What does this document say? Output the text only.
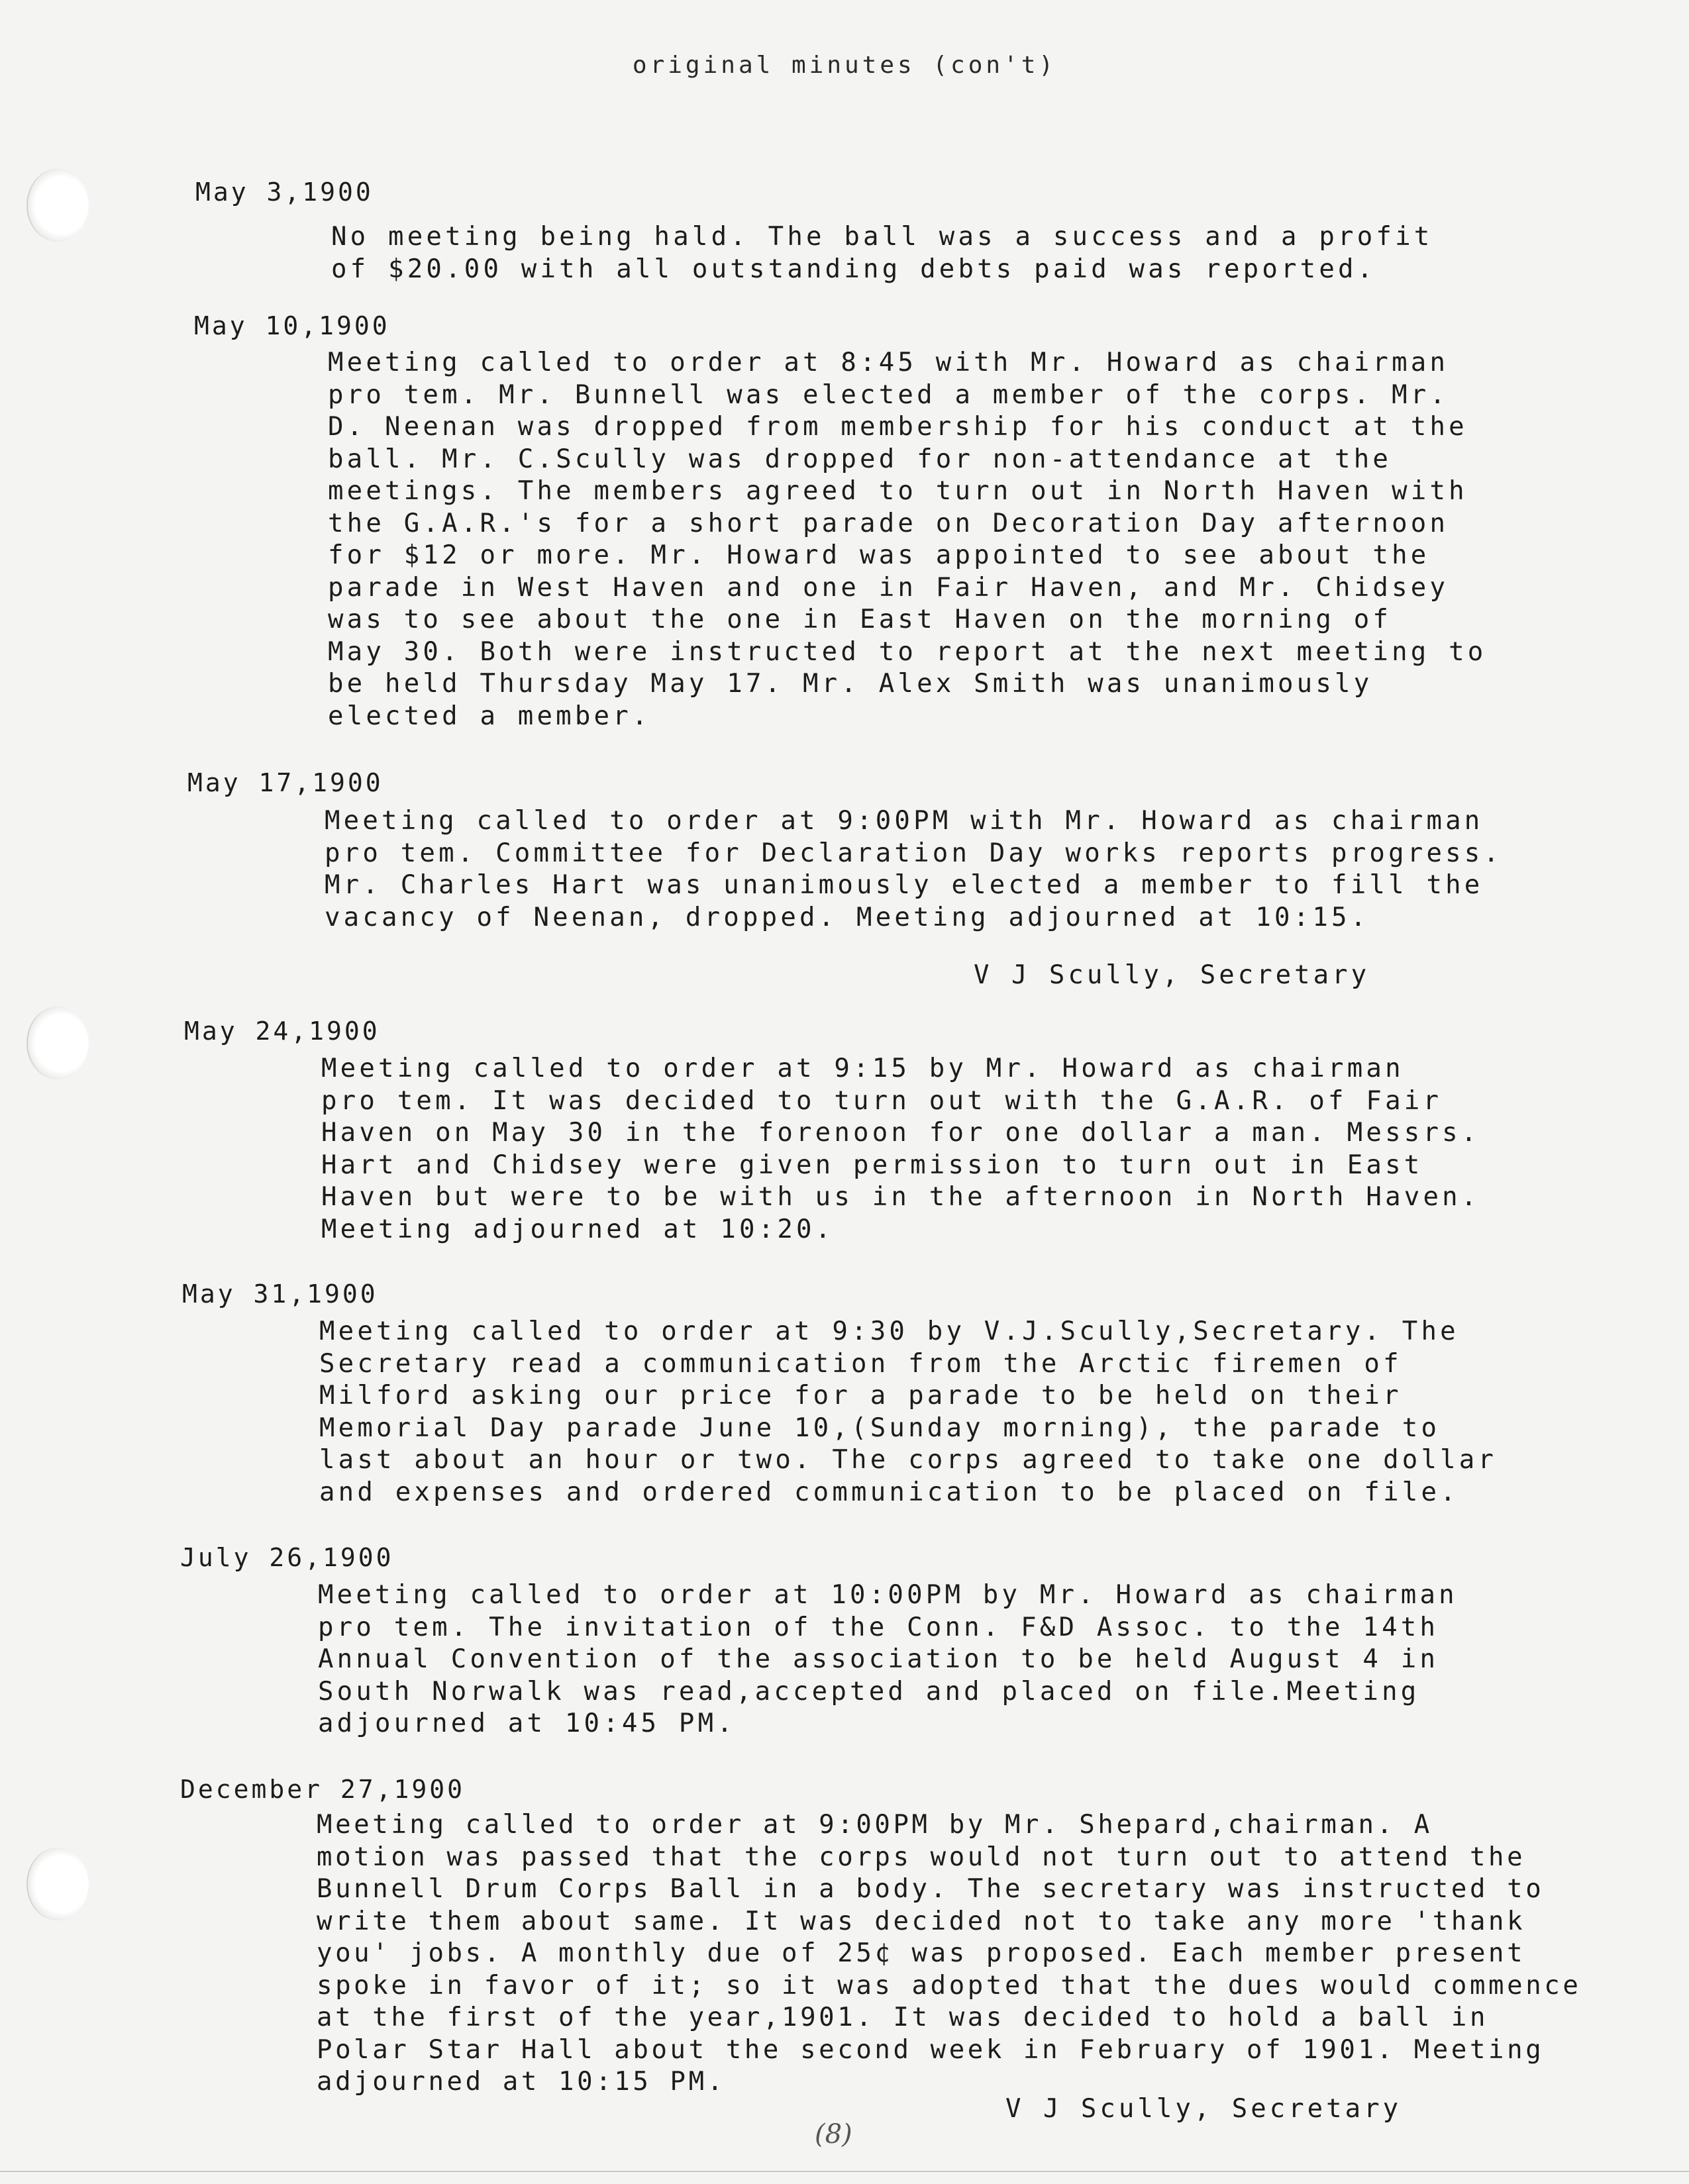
original minutes (con't)
May 3,1900
No meeting being hald. The ball was a success and a profit
of $20.00 with all outstanding debts paid was reported.
May 10,1900
Meeting called to order at 8:45 with Mr. Howard as chairman
pro tem. Mr. Bunnell was elected a member of the corps. Mr.
D. Neenan was dropped from membership for his conduct at the
ball. Mr. C.Scully was dropped for non-attendance at the
meetings. The members agreed to turn out in North Haven with
the G.A.R.'s for a short parade on Decoration Day afternoon
for $12 or more. Mr. Howard was appointed to see about the
parade in West Haven and one in Fair Haven, and Mr. Chidsey
was to see about the one in East Haven on the morning of
May 30. Both were instructed to report at the next meeting to
be held Thursday May 17. Mr. Alex Smith was unanimously
elected a member.
May 17,1900
Meeting called to order at 9:00PM with Mr. Howard as chairman
pro tem. Committee for Declaration Day works reports progress.
Mr. Charles Hart was unanimously elected a member to fill the
vacancy of Neenan, dropped. Meeting adjourned at 10:15.
V J Scully, Secretary
May 24,1900
Meeting called to order at 9:15 by Mr. Howard as chairman
pro tem. It was decided to turn out with the G.A.R. of Fair
Haven on May 30 in the forenoon for one dollar a man. Messrs.
Hart and Chidsey were given permission to turn out in East
Haven but were to be with us in the afternoon in North Haven.
Meeting adjourned at 10:20.
May 31,1900
Meeting called to order at 9:30 by V.J.Scully,Secretary. The
Secretary read a communication from the Arctic firemen of
Milford asking our price for a parade to be held on their
Memorial Day parade June 10,(Sunday morning), the parade to
last about an hour or two. The corps agreed to take one dollar
and expenses and ordered communication to be placed on file.
July 26,1900
Meeting called to order at 10:00PM by Mr. Howard as chairman
pro tem. The invitation of the Conn. F&D Assoc. to the 14th
Annual Convention of the association to be held August 4 in
South Norwalk was read,accepted and placed on file.Meeting
adjourned at 10:45 PM.
December 27,1900
Meeting called to order at 9:00PM by Mr. Shepard,chairman. A
motion was passed that the corps would not turn out to attend the
Bunnell Drum Corps Ball in a body. The secretary was instructed to
write them about same. It was decided not to take any more 'thank
you' jobs. A monthly due of 25¢ was proposed. Each member present
spoke in favor of it; so it was adopted that the dues would commence
at the first of the year,1901. It was decided to hold a ball in
Polar Star Hall about the second week in February of 1901. Meeting
adjourned at 10:15 PM.
V J Scully, Secretary
(8)
